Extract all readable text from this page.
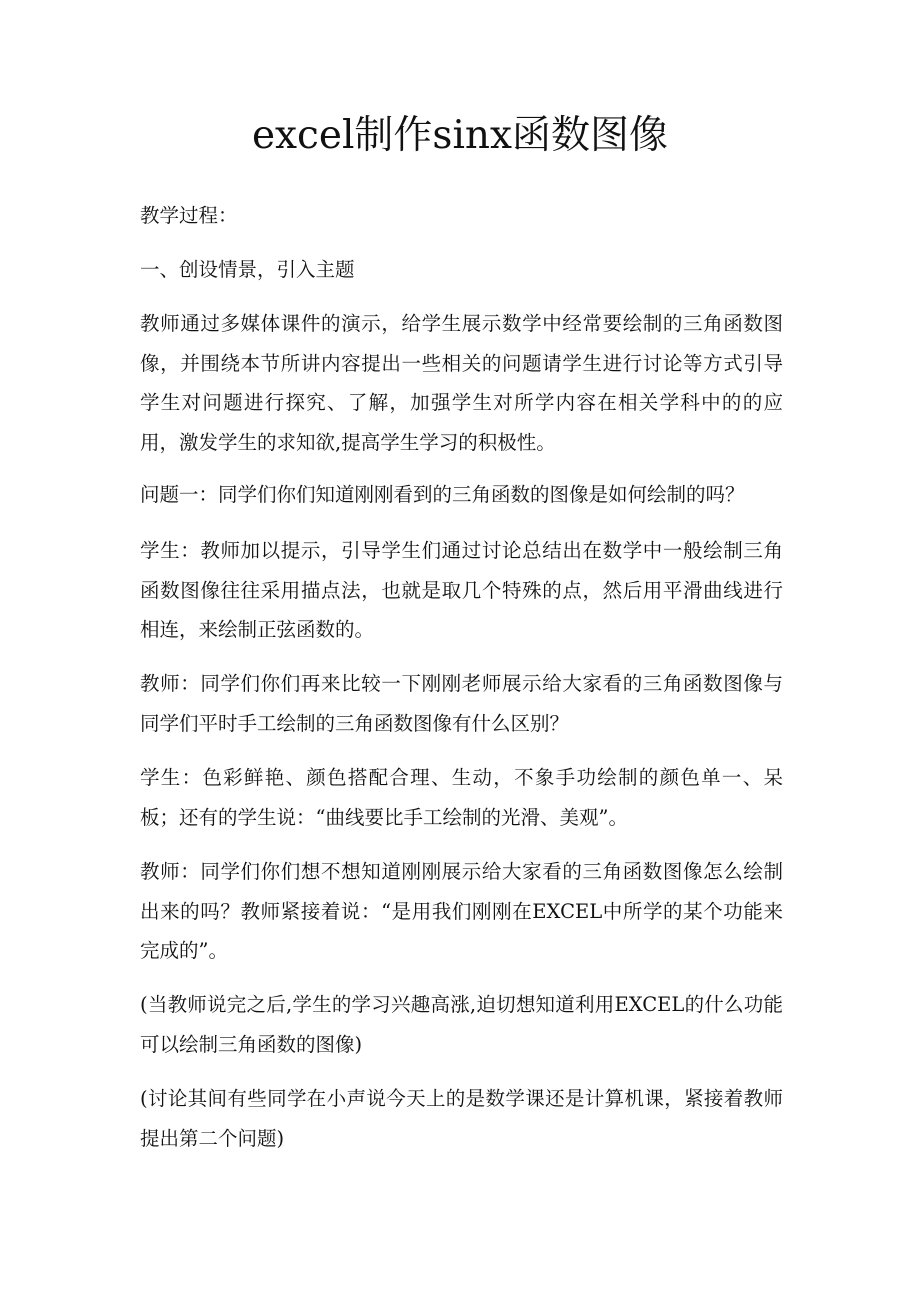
excel制作sinx函数图像

教学过程：

一、创设情景，引入主题

教师通过多媒体课件的演示，给学生展示数学中经常要绘制的三角函数图像，并围绕本节所讲内容提出一些相关的问题请学生进行讨论等方式引导学生对问题进行探究、了解，加强学生对所学内容在相关学科中的的应用，激发学生的求知欲,提高学生学习的积极性。

问题一：同学们你们知道刚刚看到的三角函数的图像是如何绘制的吗？

学生：教师加以提示，引导学生们通过讨论总结出在数学中一般绘制三角函数图像往往采用描点法，也就是取几个特殊的点，然后用平滑曲线进行相连，来绘制正弦函数的。

教师：同学们你们再来比较一下刚刚老师展示给大家看的三角函数图像与同学们平时手工绘制的三角函数图像有什么区别？

学生：色彩鲜艳、颜色搭配合理、生动，不象手功绘制的颜色单一、呆板；还有的学生说：“曲线要比手工绘制的光滑、美观”。

教师：同学们你们想不想知道刚刚展示给大家看的三角函数图像怎么绘制出来的吗？教师紧接着说：“是用我们刚刚在EXCEL中所学的某个功能来完成的”。

(当教师说完之后,学生的学习兴趣高涨,迫切想知道利用EXCEL的什么功能可以绘制三角函数的图像)

(讨论其间有些同学在小声说今天上的是数学课还是计算机课，紧接着教师提出第二个问题)
